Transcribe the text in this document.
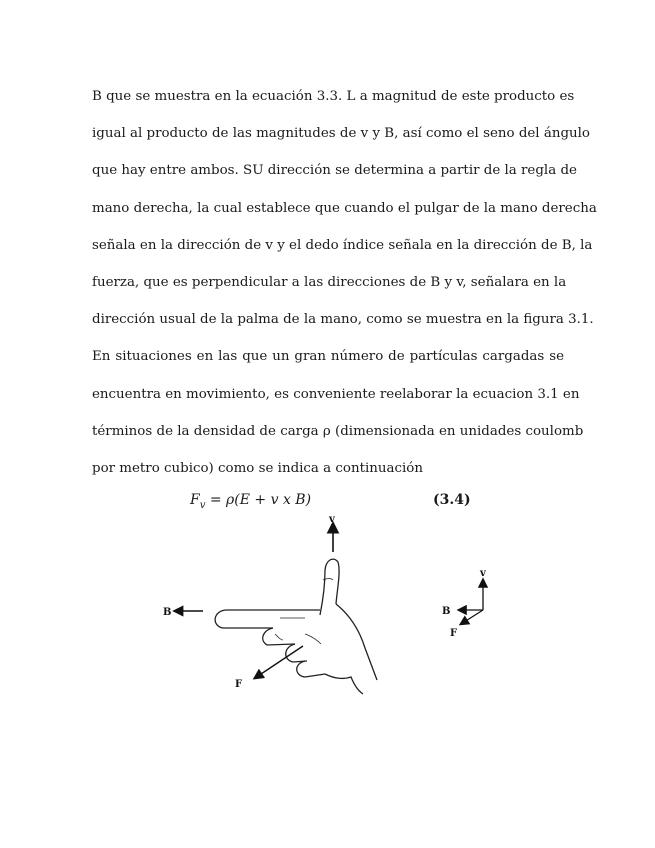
B que se muestra en la ecuación 3.3. L a magnitud de este producto es
igual al producto de las magnitudes de v y B, así como el seno del ángulo
que hay entre ambos. SU dirección se determina a partir de la regla de
mano derecha, la cual establece que cuando el pulgar de la mano derecha
señala en la dirección de v y el dedo índice señala en la dirección de B, la
fuerza, que es perpendicular a las direcciones de B y v, señalara en la
dirección usual de la palma de la mano, como se muestra en la figura 3.1.
En situaciones en las que un gran número de partículas cargadas se
encuentra en movimiento, es conveniente reelaborar la ecuacion 3.1 en
términos de la densidad de carga ρ (dimensionada en unidades coulomb
por metro cubico) como se indica a continuación
$F_v = \rho(E + v$ x B)	(3.4)
v
B
F
v
B
F
